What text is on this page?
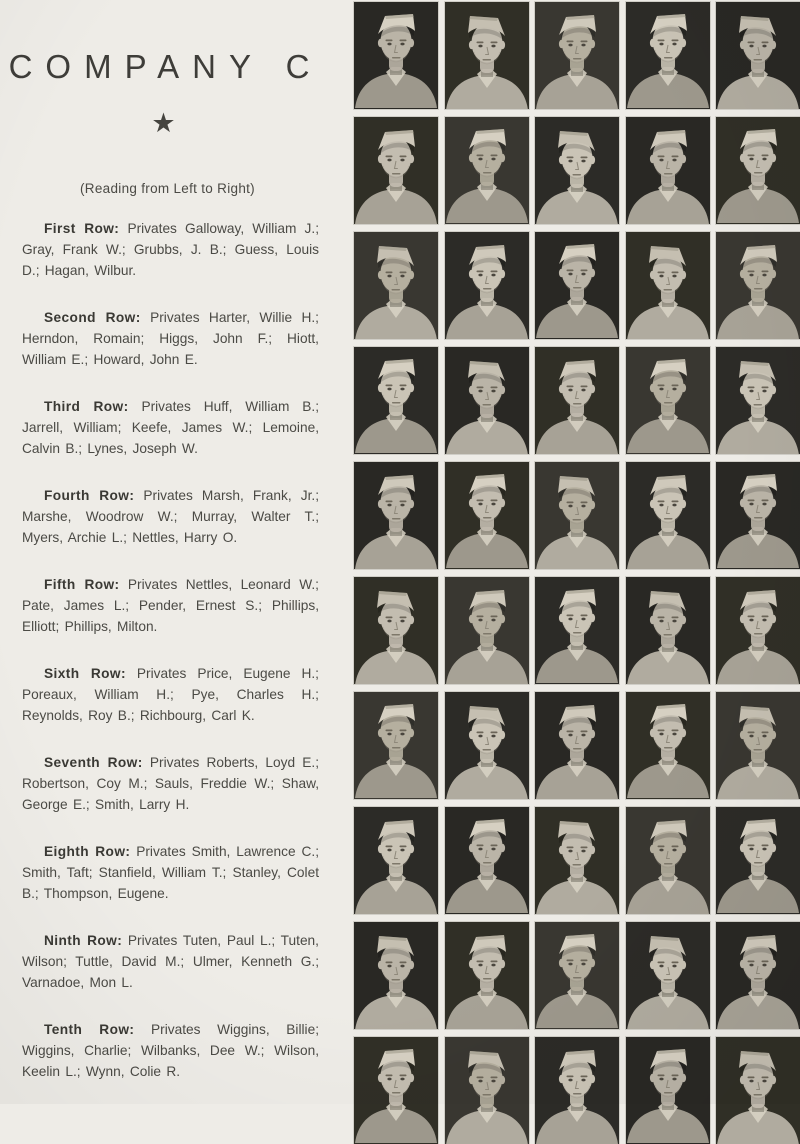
COMPANY C
★
(Reading from Left to Right)

First Row: Privates Galloway, William J.; Gray, Frank W.; Grubbs, J. B.; Guess, Louis D.; Hagan, Wilbur.

Second Row: Privates Harter, Willie H.; Herndon, Romain; Higgs, John F.; Hiott, William E.; Howard, John E.

Third Row: Privates Huff, William B.; Jarrell, William; Keefe, James W.; Lemoine, Calvin B.; Lynes, Joseph W.

Fourth Row: Privates Marsh, Frank, Jr.; Marshe, Woodrow W.; Murray, Walter T.; Myers, Archie L.; Nettles, Harry O.

Fifth Row: Privates Nettles, Leonard W.; Pate, James L.; Pender, Ernest S.; Phillips, Elliott; Phillips, Milton.

Sixth Row: Privates Price, Eugene H.; Poreaux, William H.; Pye, Charles H.; Reynolds, Roy B.; Richbourg, Carl K.

Seventh Row: Privates Roberts, Loyd E.; Robertson, Coy M.; Sauls, Freddie W.; Shaw, George E.; Smith, Larry H.

Eighth Row: Privates Smith, Lawrence C.; Smith, Taft; Stanfield, William T.; Stanley, Colet B.; Thompson, Eugene.

Ninth Row: Privates Tuten, Paul L.; Tuten, Wilson; Tuttle, David M.; Ulmer, Kenneth G.; Varnadoe, Mon L.

Tenth Row: Privates Wiggins, Billie; Wiggins, Charlie; Wilbanks, Dee W.; Wilson, Keelin L.; Wynn, Colie R.
